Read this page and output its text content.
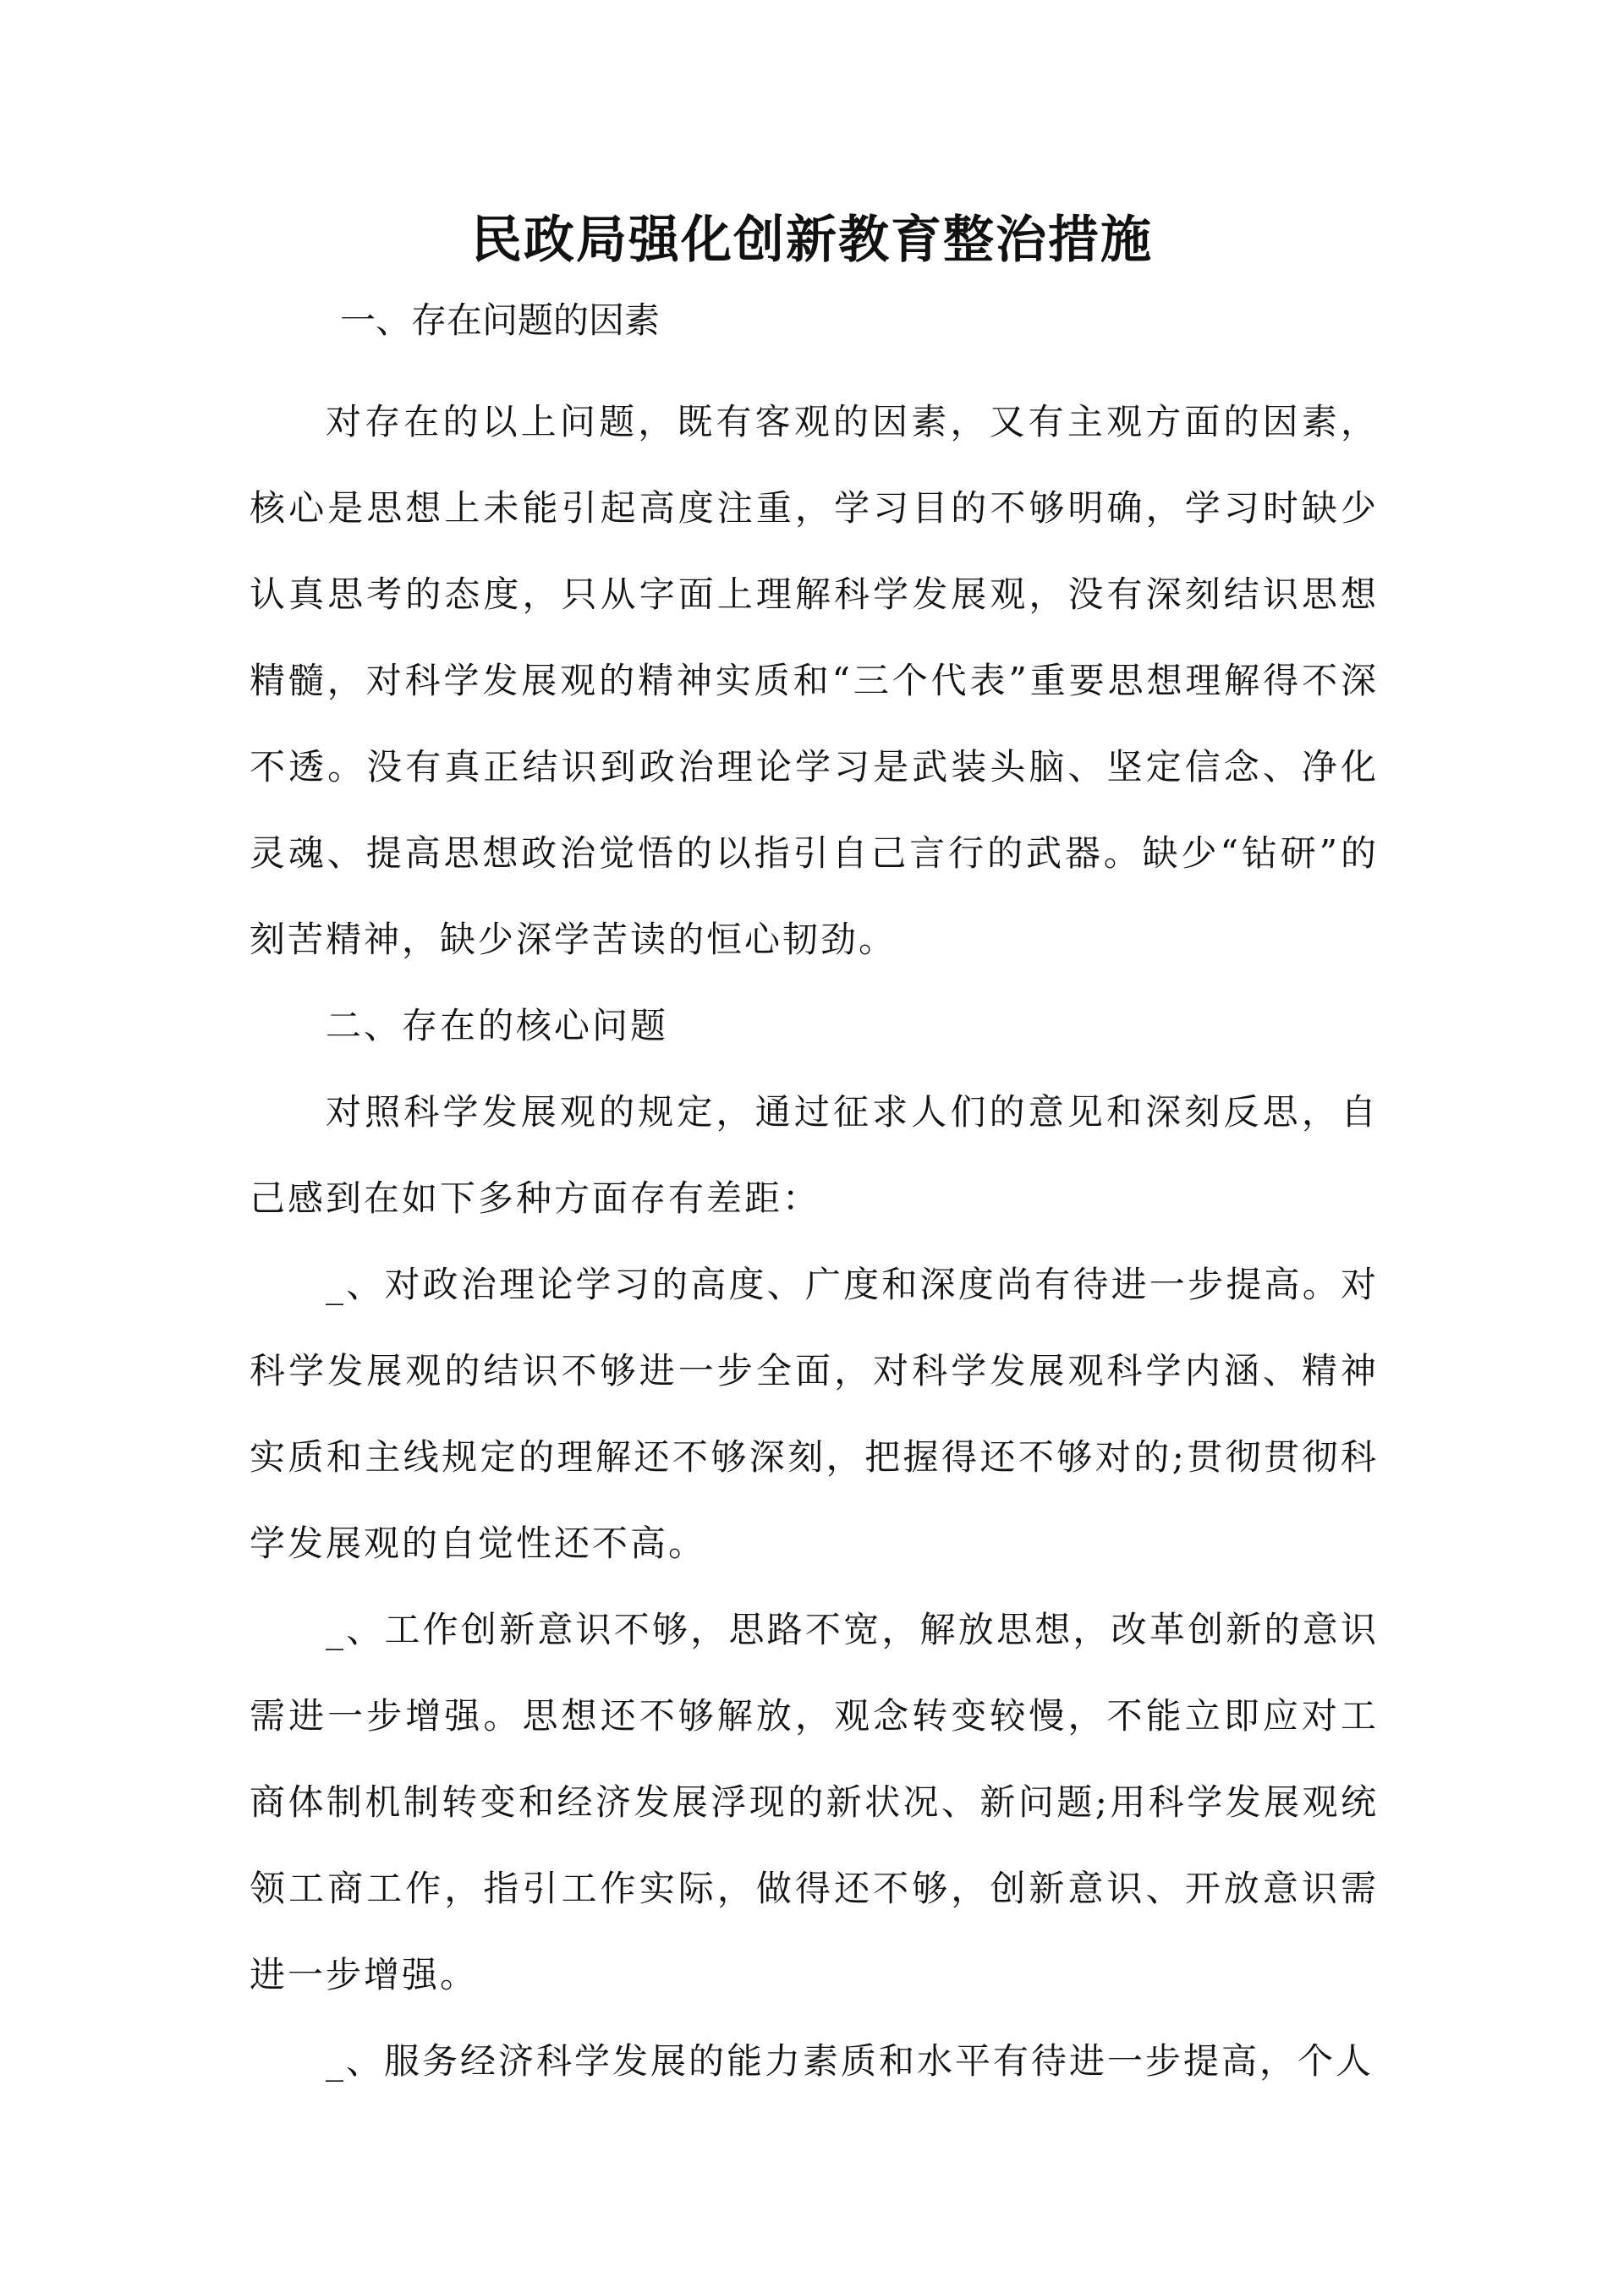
民政局强化创新教育整治措施
一、存在问题的因素

对存在的以上问题，既有客观的因素，又有主观方面的因素，核心是思想上未能引起高度注重，学习目的不够明确，学习时缺少认真思考的态度，只从字面上理解科学发展观，没有深刻结识思想精髓，对科学发展观的精神实质和“三个代表”重要思想理解得不深不透。没有真正结识到政治理论学习是武装头脑、坚定信念、净化灵魂、提高思想政治觉悟的以指引自己言行的武器。缺少“钻研”的刻苦精神，缺少深学苦读的恒心韧劲。

二、存在的核心问题

对照科学发展观的规定，通过征求人们的意见和深刻反思，自己感到在如下多种方面存有差距：

_、对政治理论学习的高度、广度和深度尚有待进一步提高。对科学发展观的结识不够进一步全面，对科学发展观科学内涵、精神实质和主线规定的理解还不够深刻，把握得还不够对的;贯彻贯彻科学发展观的自觉性还不高。

_、工作创新意识不够，思路不宽，解放思想，改革创新的意识需进一步增强。思想还不够解放，观念转变较慢，不能立即应对工商体制机制转变和经济发展浮现的新状况、新问题;用科学发展观统领工商工作，指引工作实际，做得还不够，创新意识、开放意识需进一步增强。

_、服务经济科学发展的能力素质和水平有待进一步提高，个人
